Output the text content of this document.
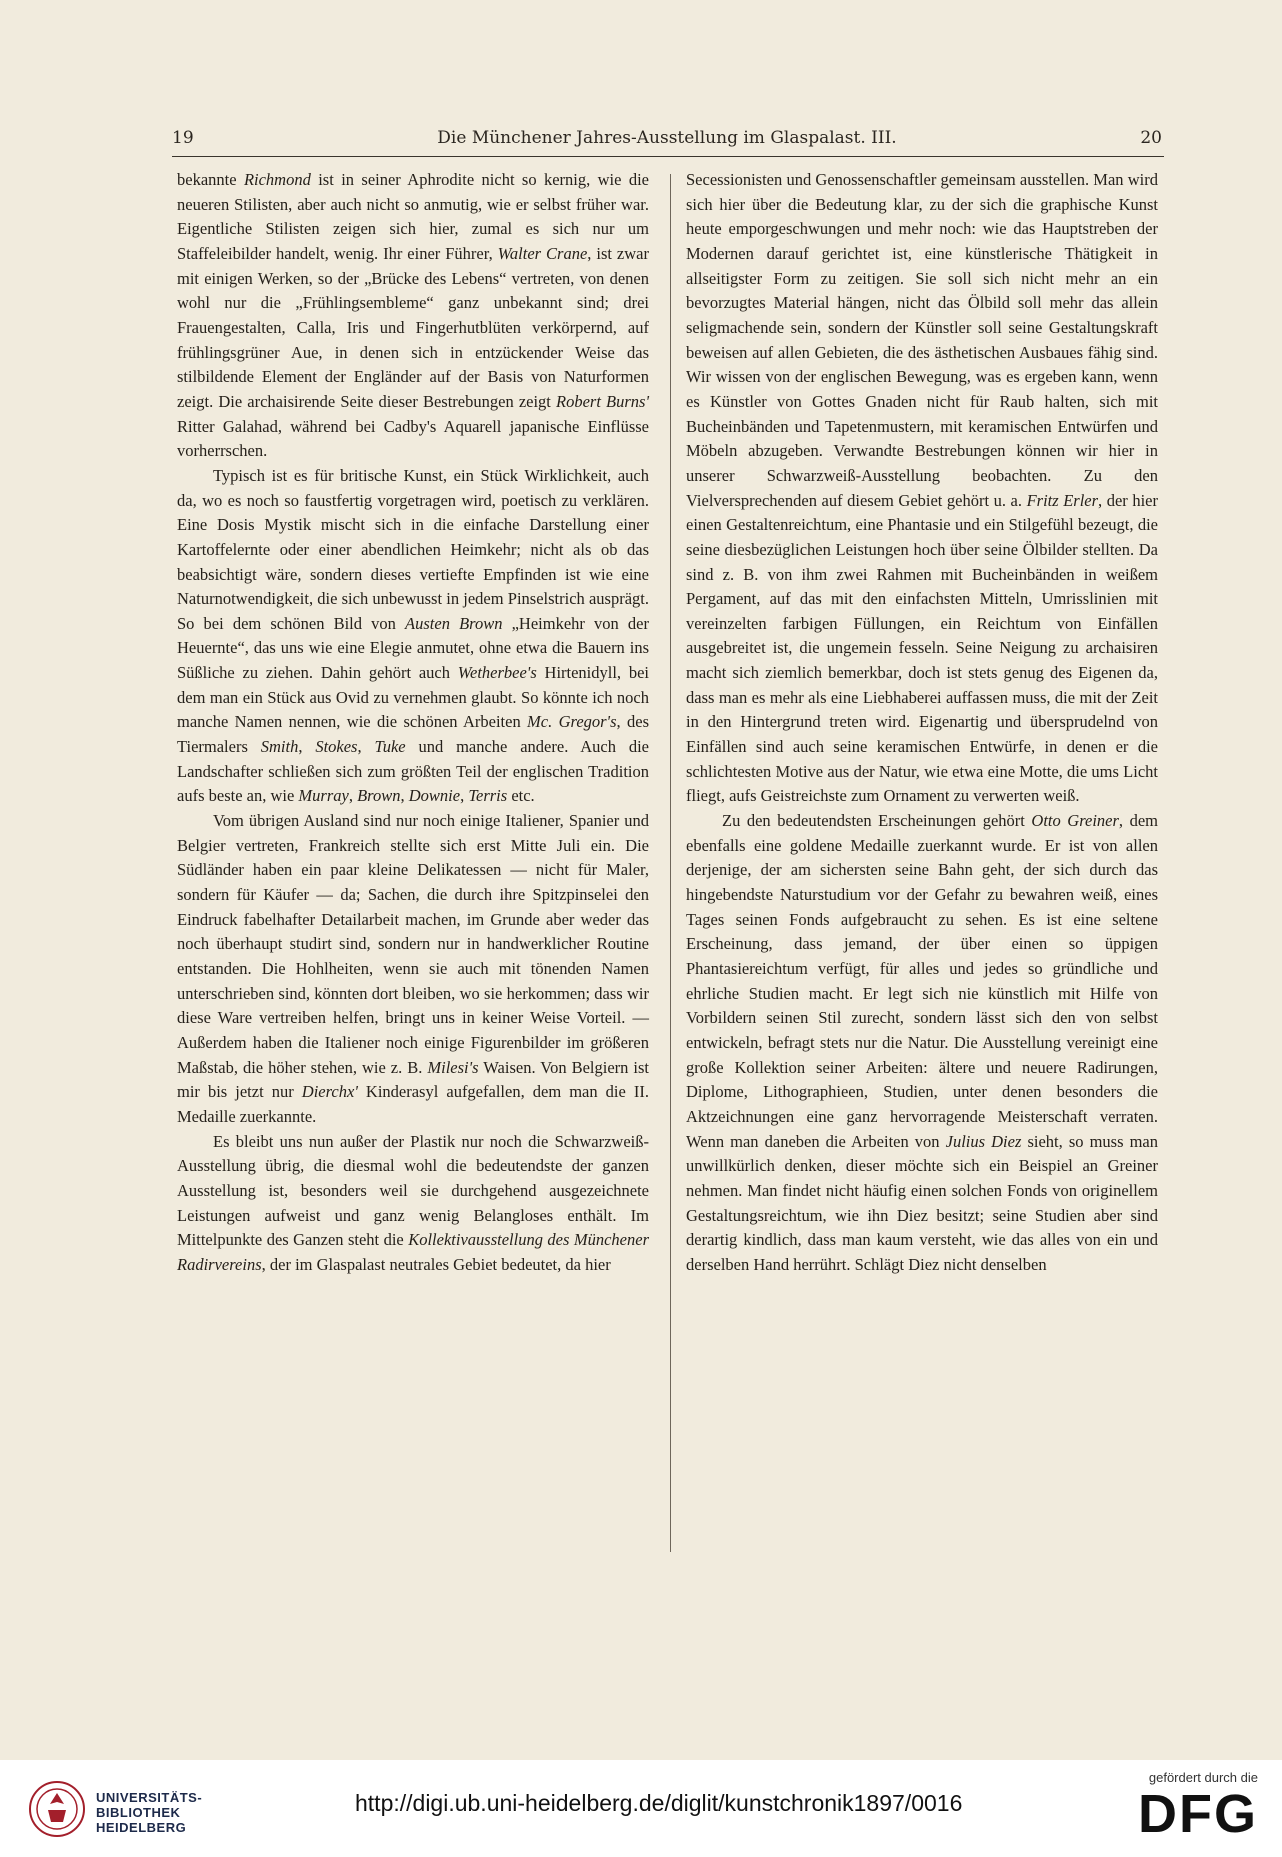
19	Die Münchener Jahres-Ausstellung im Glaspalast. III.	20

bekannte Richmond ist in seiner Aphrodite nicht so kernig, wie die neueren Stilisten, aber auch nicht so anmutig, wie er selbst früher war. Eigentliche Stilisten zeigen sich hier, zumal es sich nur um Staffeleibilder handelt, wenig. Ihr einer Führer, Walter Crane, ist zwar mit einigen Werken, so der „Brücke des Lebens“ vertreten, von denen wohl nur die „Frühlingsembleme“ ganz unbekannt sind; drei Frauengestalten, Calla, Iris und Fingerhutblüten verkörpernd, auf frühlingsgrüner Aue, in denen sich in entzückender Weise das stilbildende Element der Engländer auf der Basis von Naturformen zeigt. Die archaisirende Seite dieser Bestrebungen zeigt Robert Burns' Ritter Galahad, während bei Cadby's Aquarell japanische Einflüsse vorherrschen.

Typisch ist es für britische Kunst, ein Stück Wirklichkeit, auch da, wo es noch so faustfertig vorgetragen wird, poetisch zu verklären. Eine Dosis Mystik mischt sich in die einfache Darstellung einer Kartoffelernte oder einer abendlichen Heimkehr; nicht als ob das beabsichtigt wäre, sondern dieses vertiefte Empfinden ist wie eine Naturnotwendigkeit, die sich unbewusst in jedem Pinselstrich ausprägt. So bei dem schönen Bild von Austen Brown „Heimkehr von der Heuernte“, das uns wie eine Elegie anmutet, ohne etwa die Bauern ins Süßliche zu ziehen. Dahin gehört auch Wetherbee's Hirtenidyll, bei dem man ein Stück aus Ovid zu vernehmen glaubt. So könnte ich noch manche Namen nennen, wie die schönen Arbeiten Mc. Gregor's, des Tiermalers Smith, Stokes, Tuke und manche andere. Auch die Landschafter schließen sich zum größten Teil der englischen Tradition aufs beste an, wie Murray, Brown, Downie, Terris etc.

Vom übrigen Ausland sind nur noch einige Italiener, Spanier und Belgier vertreten, Frankreich stellte sich erst Mitte Juli ein. Die Südländer haben ein paar kleine Delikatessen — nicht für Maler, sondern für Käufer — da; Sachen, die durch ihre Spitzpinselei den Eindruck fabelhafter Detailarbeit machen, im Grunde aber weder das noch überhaupt studirt sind, sondern nur in handwerklicher Routine entstanden. Die Hohlheiten, wenn sie auch mit tönenden Namen unterschrieben sind, könnten dort bleiben, wo sie herkommen; dass wir diese Ware vertreiben helfen, bringt uns in keiner Weise Vorteil. — Außerdem haben die Italiener noch einige Figurenbilder im größeren Maßstab, die höher stehen, wie z. B. Milesi's Waisen. Von Belgiern ist mir bis jetzt nur Dierchx' Kinderasyl aufgefallen, dem man die II. Medaille zuerkannte.

Es bleibt uns nun außer der Plastik nur noch die Schwarzweiß-Ausstellung übrig, die diesmal wohl die bedeutendste der ganzen Ausstellung ist, besonders weil sie durchgehend ausgezeichnete Leistungen aufweist und ganz wenig Belangloses enthält. Im Mittelpunkte des Ganzen steht die Kollektivausstellung des Münchener Radirvereins, der im Glaspalast neutrales Gebiet bedeutet, da hier

Secessionisten und Genossenschaftler gemeinsam ausstellen. Man wird sich hier über die Bedeutung klar, zu der sich die graphische Kunst heute emporgeschwungen und mehr noch: wie das Hauptstreben der Modernen darauf gerichtet ist, eine künstlerische Thätigkeit in allseitigster Form zu zeitigen. Sie soll sich nicht mehr an ein bevorzugtes Material hängen, nicht das Ölbild soll mehr das allein seligmachende sein, sondern der Künstler soll seine Gestaltungskraft beweisen auf allen Gebieten, die des ästhetischen Ausbaues fähig sind. Wir wissen von der englischen Bewegung, was es ergeben kann, wenn es Künstler von Gottes Gnaden nicht für Raub halten, sich mit Bucheinbänden und Tapetenmustern, mit keramischen Entwürfen und Möbeln abzugeben. Verwandte Bestrebungen können wir hier in unserer Schwarzweiß-Ausstellung beobachten. Zu den Vielversprechenden auf diesem Gebiet gehört u. a. Fritz Erler, der hier einen Gestaltenreichtum, eine Phantasie und ein Stilgefühl bezeugt, die seine diesbezüglichen Leistungen hoch über seine Ölbilder stellten. Da sind z. B. von ihm zwei Rahmen mit Bucheinbänden in weißem Pergament, auf das mit den einfachsten Mitteln, Umrisslinien mit vereinzelten farbigen Füllungen, ein Reichtum von Einfällen ausgebreitet ist, die ungemein fesseln. Seine Neigung zu archaisiren macht sich ziemlich bemerkbar, doch ist stets genug des Eigenen da, dass man es mehr als eine Liebhaberei auffassen muss, die mit der Zeit in den Hintergrund treten wird. Eigenartig und übersprudelnd von Einfällen sind auch seine keramischen Entwürfe, in denen er die schlichtesten Motive aus der Natur, wie etwa eine Motte, die ums Licht fliegt, aufs Geistreichste zum Ornament zu verwerten weiß.

Zu den bedeutendsten Erscheinungen gehört Otto Greiner, dem ebenfalls eine goldene Medaille zuerkannt wurde. Er ist von allen derjenige, der am sichersten seine Bahn geht, der sich durch das hingebendste Naturstudium vor der Gefahr zu bewahren weiß, eines Tages seinen Fonds aufgebraucht zu sehen. Es ist eine seltene Erscheinung, dass jemand, der über einen so üppigen Phantasiereichtum verfügt, für alles und jedes so gründliche und ehrliche Studien macht. Er legt sich nie künstlich mit Hilfe von Vorbildern seinen Stil zurecht, sondern lässt sich den von selbst entwickeln, befragt stets nur die Natur. Die Ausstellung vereinigt eine große Kollektion seiner Arbeiten: ältere und neuere Radirungen, Diplome, Lithographieen, Studien, unter denen besonders die Aktzeichnungen eine ganz hervorragende Meisterschaft verraten. Wenn man daneben die Arbeiten von Julius Diez sieht, so muss man unwillkürlich denken, dieser möchte sich ein Beispiel an Greiner nehmen. Man findet nicht häufig einen solchen Fonds von originellem Gestaltungsreichtum, wie ihn Diez besitzt; seine Studien aber sind derartig kindlich, dass man kaum versteht, wie das alles von ein und derselben Hand herrührt. Schlägt Diez nicht denselben

UNIVERSITÄTS-
BIBLIOTHEK
HEIDELBERG
http://digi.ub.uni-heidelberg.de/diglit/kunstchronik1897/0016
gefördert durch die
DFG
